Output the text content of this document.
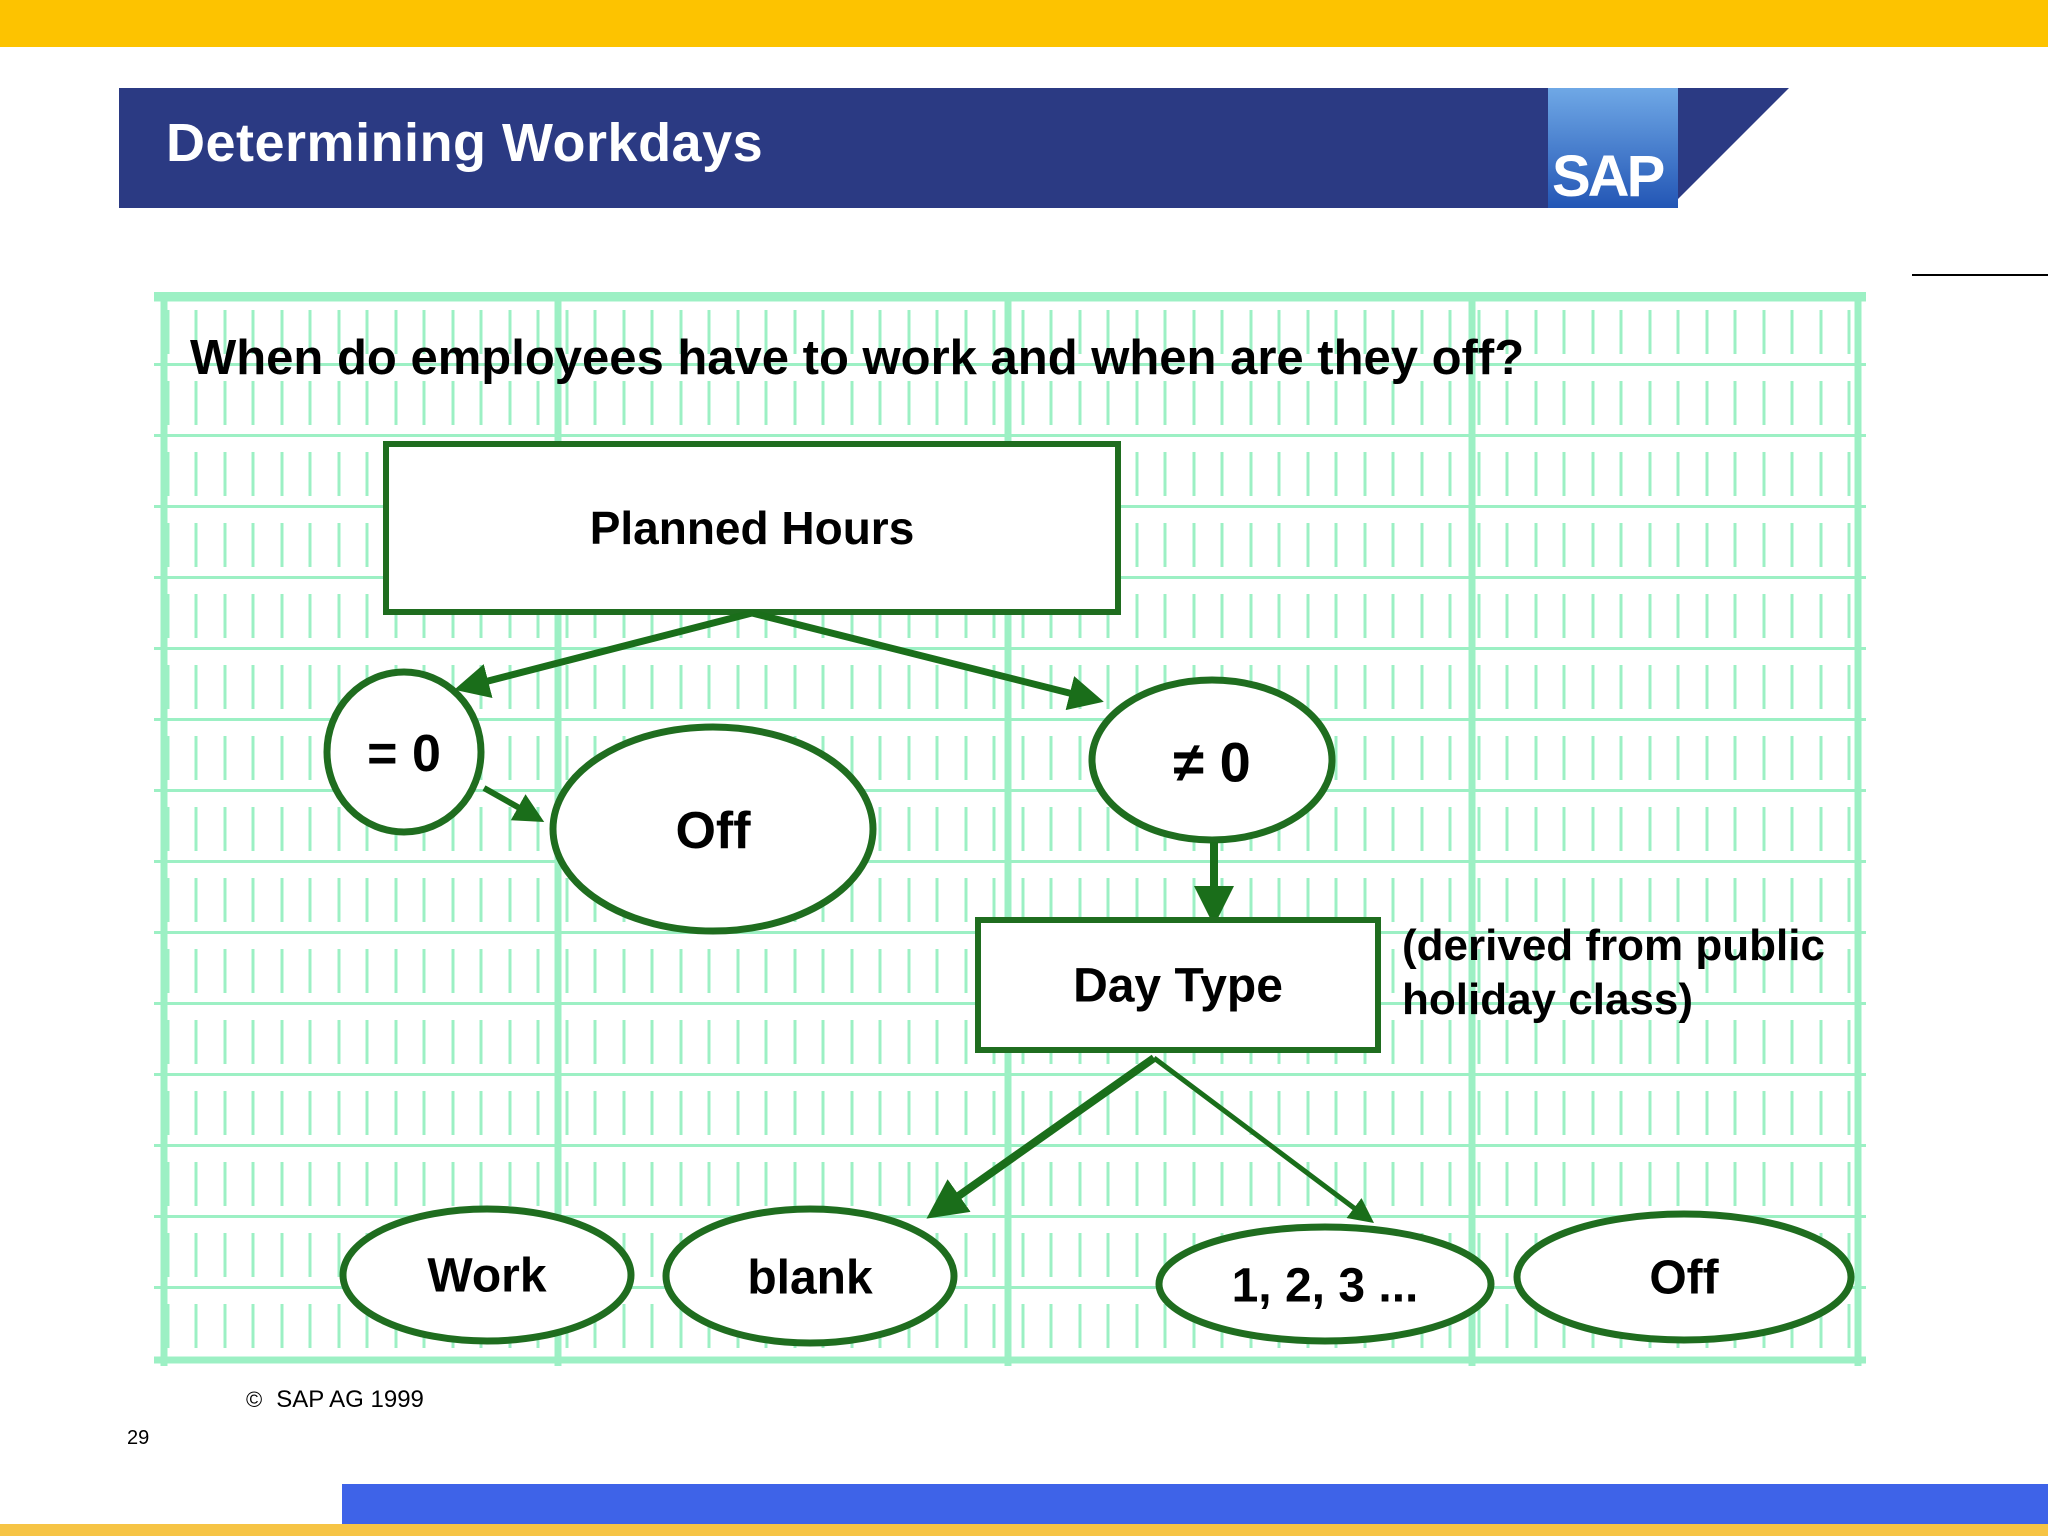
Determining Workdays
SAP
When do employees have to work and when are they off?
Planned Hours
= 0
Off
≠ 0
Day Type
(derived from public
holiday class)
Work	blank	1, 2, 3 ...	Off
© SAP AG 1999
29
